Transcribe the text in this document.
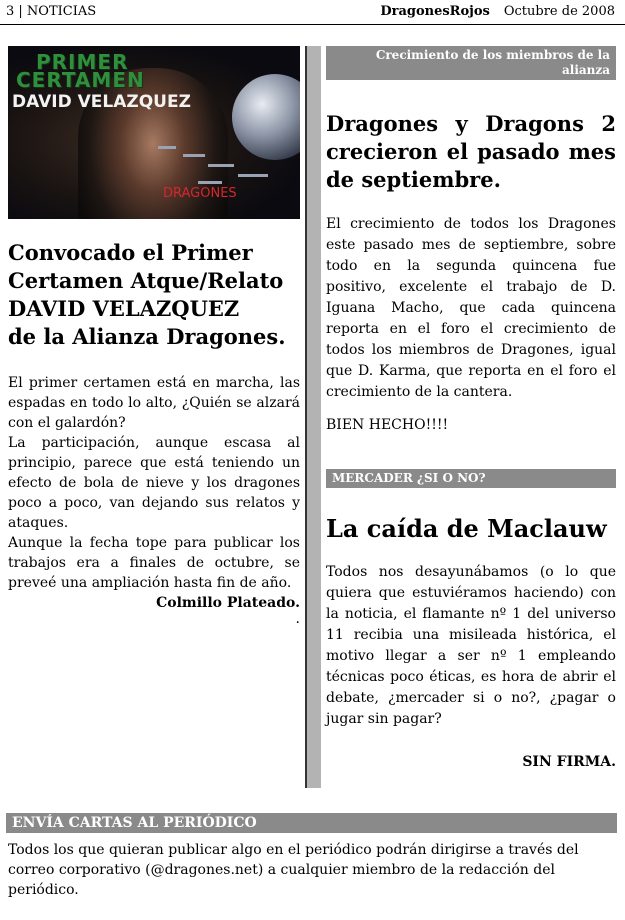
3 | NOTICIAS	DragonesRojos Octubre de 2008
PRIMER
CERTAMEN
DAVID VELAZQUEZ
DRAGONES
Convocado el Primer
Certamen Atque/Relato
DAVID VELAZQUEZ
de la Alianza Dragones.

El primer certamen está en marcha, las espadas en todo lo alto, ¿Quién se alzará con el galardón?

La participación, aunque escasa al principio, parece que está teniendo un efecto de bola de nieve y los dragones poco a poco, van dejando sus relatos y ataques.

Aunque la fecha tope para publicar los trabajos era a finales de octubre, se preveé una ampliación hasta fin de año.

Colmillo Plateado.
.
Crecimiento de los miembros de la alianza
Dragones y Dragons 2 crecieron el pasado mes de septiembre.

El crecimiento de todos los Dragones este pasado mes de septiembre, sobre todo en la segunda quincena fue positivo, excelente el trabajo de D. Iguana Macho, que cada quincena reporta en el foro el crecimiento de todos los miembros de Dragones, igual que D. Karma, que reporta en el foro el crecimiento de la cantera.

BIEN HECHO!!!!
MERCADER ¿SI O NO?
La caída de Maclauw

Todos nos desayunábamos (o lo que quiera que estuviéramos haciendo) con la noticia, el flamante nº 1 del universo 11 recibia una misileada histórica, el motivo llegar a ser nº 1 empleando técnicas poco éticas, es hora de abrir el debate, ¿mercader si o no?, ¿pagar o jugar sin pagar?

SIN FIRMA.
ENVÍA CARTAS AL PERIÓDICO
Todos los que quieran publicar algo en el periódico podrán dirigirse a través del correo corporativo (@dragones.net) a cualquier miembro de la redacción del periódico.
